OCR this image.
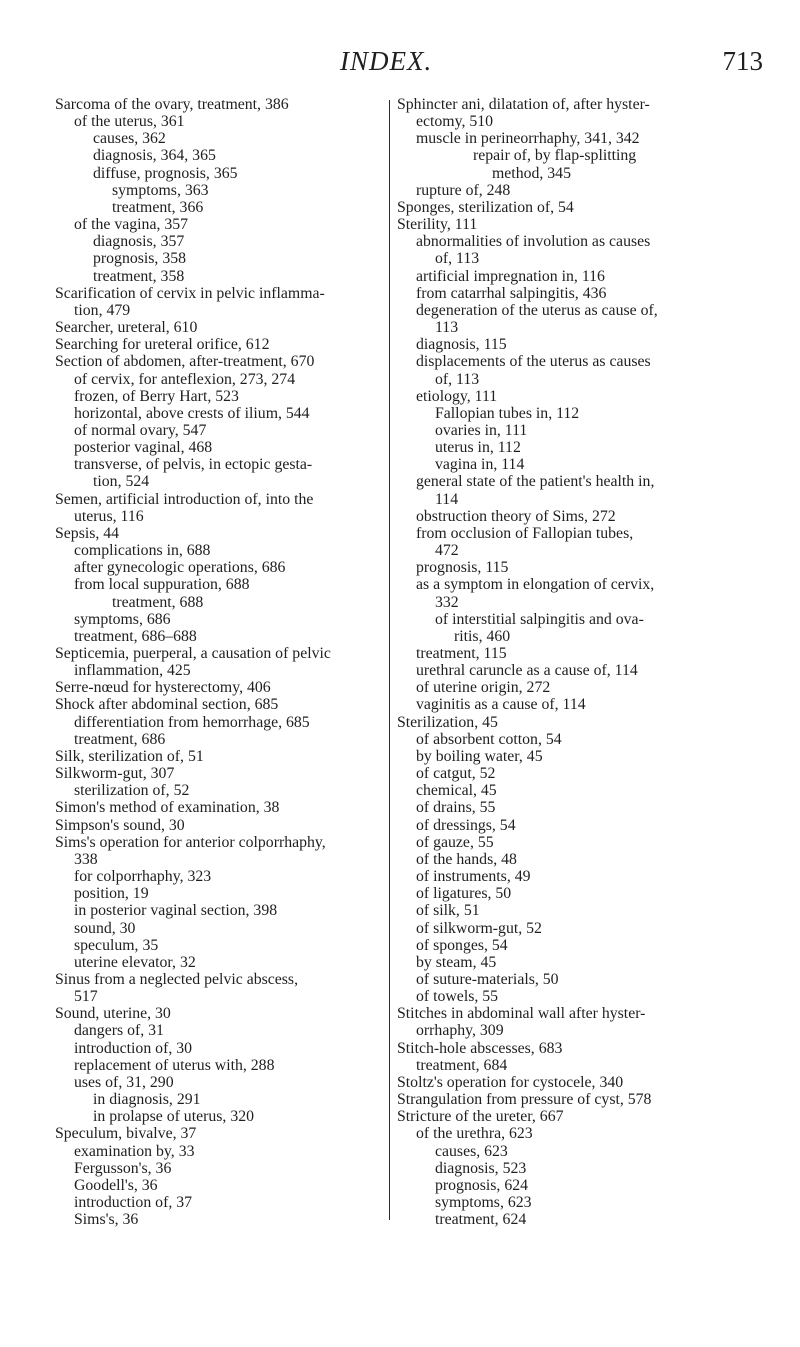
INDEX.	713
Sarcoma of the ovary, treatment, 386
of the uterus, 361
causes, 362
diagnosis, 364, 365
diffuse, prognosis, 365
symptoms, 363
treatment, 366
of the vagina, 357
diagnosis, 357
prognosis, 358
treatment, 358
Scarification of cervix in pelvic inflamma-
tion, 479
Searcher, ureteral, 610
Searching for ureteral orifice, 612
Section of abdomen, after-treatment, 670
of cervix, for anteflexion, 273, 274
frozen, of Berry Hart, 523
horizontal, above crests of ilium, 544
of normal ovary, 547
posterior vaginal, 468
transverse, of pelvis, in ectopic gesta-
tion, 524
Semen, artificial introduction of, into the
uterus, 116
Sepsis, 44
complications in, 688
after gynecologic operations, 686
from local suppuration, 688
treatment, 688
symptoms, 686
treatment, 686–688
Septicemia, puerperal, a causation of pelvic
inflammation, 425
Serre-nœud for hysterectomy, 406
Shock after abdominal section, 685
differentiation from hemorrhage, 685
treatment, 686
Silk, sterilization of, 51
Silkworm-gut, 307
sterilization of, 52
Simon's method of examination, 38
Simpson's sound, 30
Sims's operation for anterior colporrhaphy,
338
for colporrhaphy, 323
position, 19
in posterior vaginal section, 398
sound, 30
speculum, 35
uterine elevator, 32
Sinus from a neglected pelvic abscess,
517
Sound, uterine, 30
dangers of, 31
introduction of, 30
replacement of uterus with, 288
uses of, 31, 290
in diagnosis, 291
in prolapse of uterus, 320
Speculum, bivalve, 37
examination by, 33
Fergusson's, 36
Goodell's, 36
introduction of, 37
Sims's, 36
Sphincter ani, dilatation of, after hyster-
ectomy, 510
muscle in perineorrhaphy, 341, 342
repair of, by flap-splitting
method, 345
rupture of, 248
Sponges, sterilization of, 54
Sterility, 111
abnormalities of involution as causes
of, 113
artificial impregnation in, 116
from catarrhal salpingitis, 436
degeneration of the uterus as cause of,
113
diagnosis, 115
displacements of the uterus as causes
of, 113
etiology, 111
Fallopian tubes in, 112
ovaries in, 111
uterus in, 112
vagina in, 114
general state of the patient's health in,
114
obstruction theory of Sims, 272
from occlusion of Fallopian tubes,
472
prognosis, 115
as a symptom in elongation of cervix,
332
of interstitial salpingitis and ova-
ritis, 460
treatment, 115
urethral caruncle as a cause of, 114
of uterine origin, 272
vaginitis as a cause of, 114
Sterilization, 45
of absorbent cotton, 54
by boiling water, 45
of catgut, 52
chemical, 45
of drains, 55
of dressings, 54
of gauze, 55
of the hands, 48
of instruments, 49
of ligatures, 50
of silk, 51
of silkworm-gut, 52
of sponges, 54
by steam, 45
of suture-materials, 50
of towels, 55
Stitches in abdominal wall after hyster-
orrhaphy, 309
Stitch-hole abscesses, 683
treatment, 684
Stoltz's operation for cystocele, 340
Strangulation from pressure of cyst, 578
Stricture of the ureter, 667
of the urethra, 623
causes, 623
diagnosis, 523
prognosis, 624
symptoms, 623
treatment, 624
